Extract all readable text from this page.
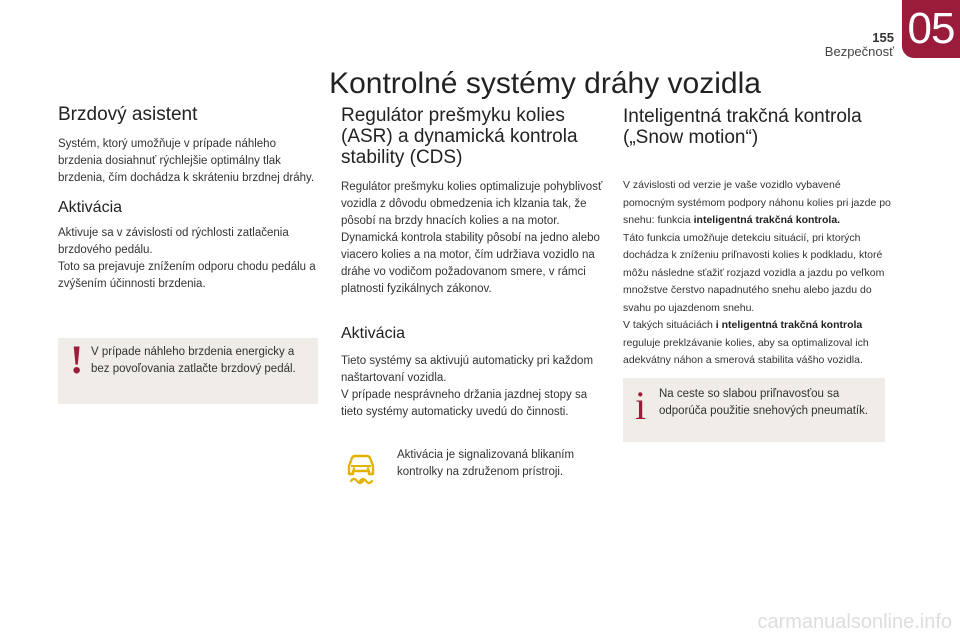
155
Bezpečnosť 05
Kontrolné systémy dráhy vozidla
Brzdový asistent

Systém, ktorý umožňuje v prípade náhleho brzdenia dosiahnuť rýchlejšie optimálny tlak brzdenia, čím dochádza k skráteniu brzdnej dráhy.

Aktivácia

Aktivuje sa v závislosti od rýchlosti zatlačenia brzdového pedálu.

Toto sa prejavuje znížením odporu chodu pedálu a zvýšením účinnosti brzdenia.

! V prípade náhleho brzdenia energicky a bez povoľovania zatlačte brzdový pedál.
Regulátor prešmyku kolies
(ASR) a dynamická kontrola
stability (CDS)

Regulátor prešmyku kolies optimalizuje pohyblivosť vozidla z dôvodu obmedzenia ich klzania tak, že pôsobí na brzdy hnacích kolies a na motor.

Dynamická kontrola stability pôsobí na jedno alebo viacero kolies a na motor, čím udržiava vozidlo na dráhe vo vodičom požadovanom smere, v rámci platnosti fyzikálnych zákonov.

Aktivácia

Tieto systémy sa aktivujú automaticky pri každom naštartovaní vozidla.

V prípade nesprávneho držania jazdnej stopy sa tieto systémy automaticky uvedú do činnosti.

Aktivácia je signalizovaná blikaním kontrolky na združenom prístroji.
Inteligentná trakčná kontrola
(„Snow motion“)

V závislosti od verzie je vaše vozidlo vybavené pomocným systémom podpory náhonu kolies pri jazde po snehu: funkcia inteligentná trakčná kontrola.

Táto funkcia umožňuje detekciu situácií, pri ktorých dochádza k zníženiu priľnavosti kolies k podkladu, ktoré môžu následne sťažiť rozjazd vozidla a jazdu po veľkom množstve čerstvo napadnutého snehu alebo jazdu do svahu po ujazdenom snehu.

V takých situáciách i nteligentná trakčná kontrola reguluje preklzávanie kolies, aby sa optimalizoval ich adekvátny náhon a smerová stabilita vášho vozidla.

i Na ceste so slabou priľnavosťou sa odporúča použitie snehových pneumatík.
carmanualsonline.info
